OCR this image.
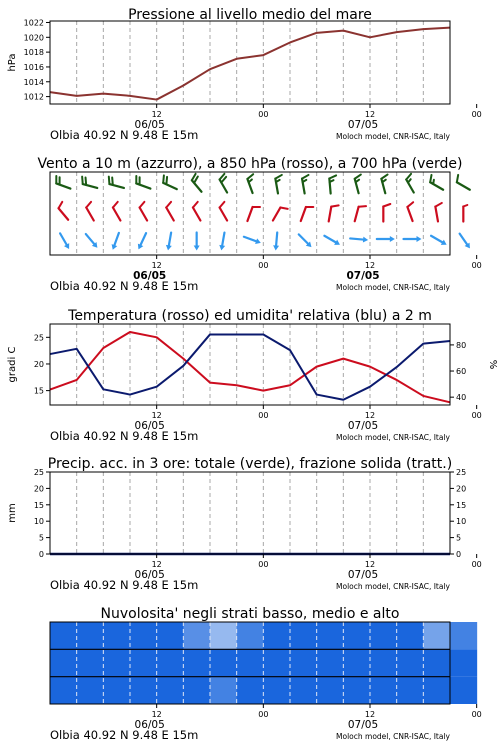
Pressione al livello medio del mare
1012
1014
1016
1018
1020
1022
hPa
12	00	12	00
06/05	07/05
Olbia 40.92 N 9.48 E 15m	Moloch model, CNR-ISAC, Italy
Vento a 10 m (azzurro), a 850 hPa (rosso), a 700 hPa (verde)
12	00	12	00
06/05	07/05
Olbia 40.92 N 9.48 E 15m	Moloch model, CNR-ISAC, Italy
Temperatura (rosso) ed umidita' relativa (blu) a 2 m
15
20
25
40
60
80
gradi C	%
12	00	12	00
06/05	07/05
Olbia 40.92 N 9.48 E 15m	Moloch model, CNR-ISAC, Italy
Precip. acc. in 3 ore: totale (verde), frazione solida (tratt.)
0	0
5	5
10	10
15	15
20	20
25	25
mm
12	00	12	00
06/05	07/05
Olbia 40.92 N 9.48 E 15m	Moloch model, CNR-ISAC, Italy
Nuvolosita' negli strati basso, medio e alto
12	00	12	00
06/05	07/05
Olbia 40.92 N 9.48 E 15m	Moloch model, CNR-ISAC, Italy
